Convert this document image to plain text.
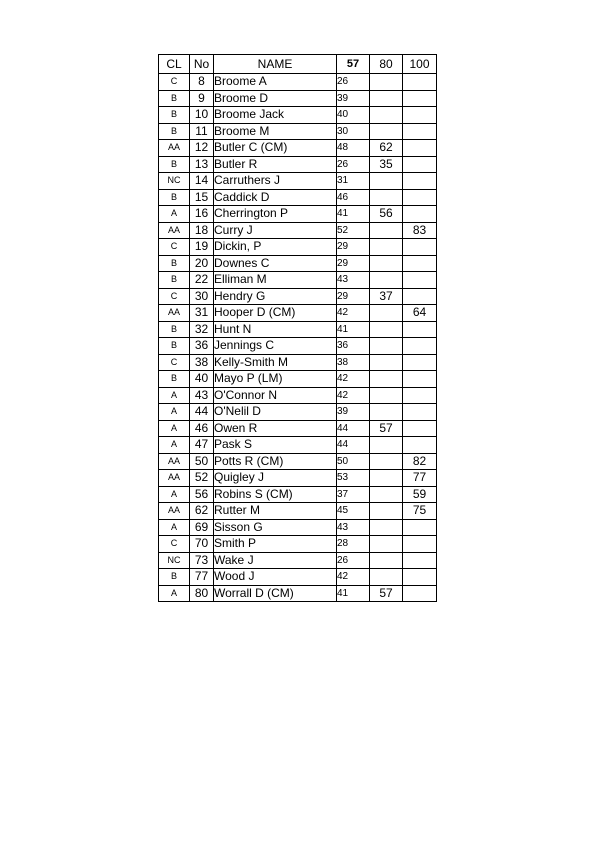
CL	No	NAME	57	80	100
C	8	Broome A	26		
B	9	Broome D	39		
B	10	Broome Jack	40		
B	11	Broome M	30		
AA	12	Butler C (CM)	48	62	
B	13	Butler R	26	35	
NC	14	Carruthers J	31		
B	15	Caddick D	46		
A	16	Cherrington P	41	56	
AA	18	Curry J	52		83
C	19	Dickin, P	29		
B	20	Downes C	29		
B	22	Elliman M	43		
C	30	Hendry G	29	37	
AA	31	Hooper D (CM)	42		64
B	32	Hunt N	41		
B	36	Jennings C	36		
C	38	Kelly-Smith M	38		
B	40	Mayo P (LM)	42		
A	43	O'Connor N	42		
A	44	O'Nelil D	39		
A	46	Owen R	44	57	
A	47	Pask S	44		
AA	50	Potts R (CM)	50		82
AA	52	Quigley J	53		77
A	56	Robins S (CM)	37		59
AA	62	Rutter M	45		75
A	69	Sisson G	43		
C	70	Smith P	28		
NC	73	Wake J	26		
B	77	Wood J	42		
A	80	Worrall D (CM)	41	57	
